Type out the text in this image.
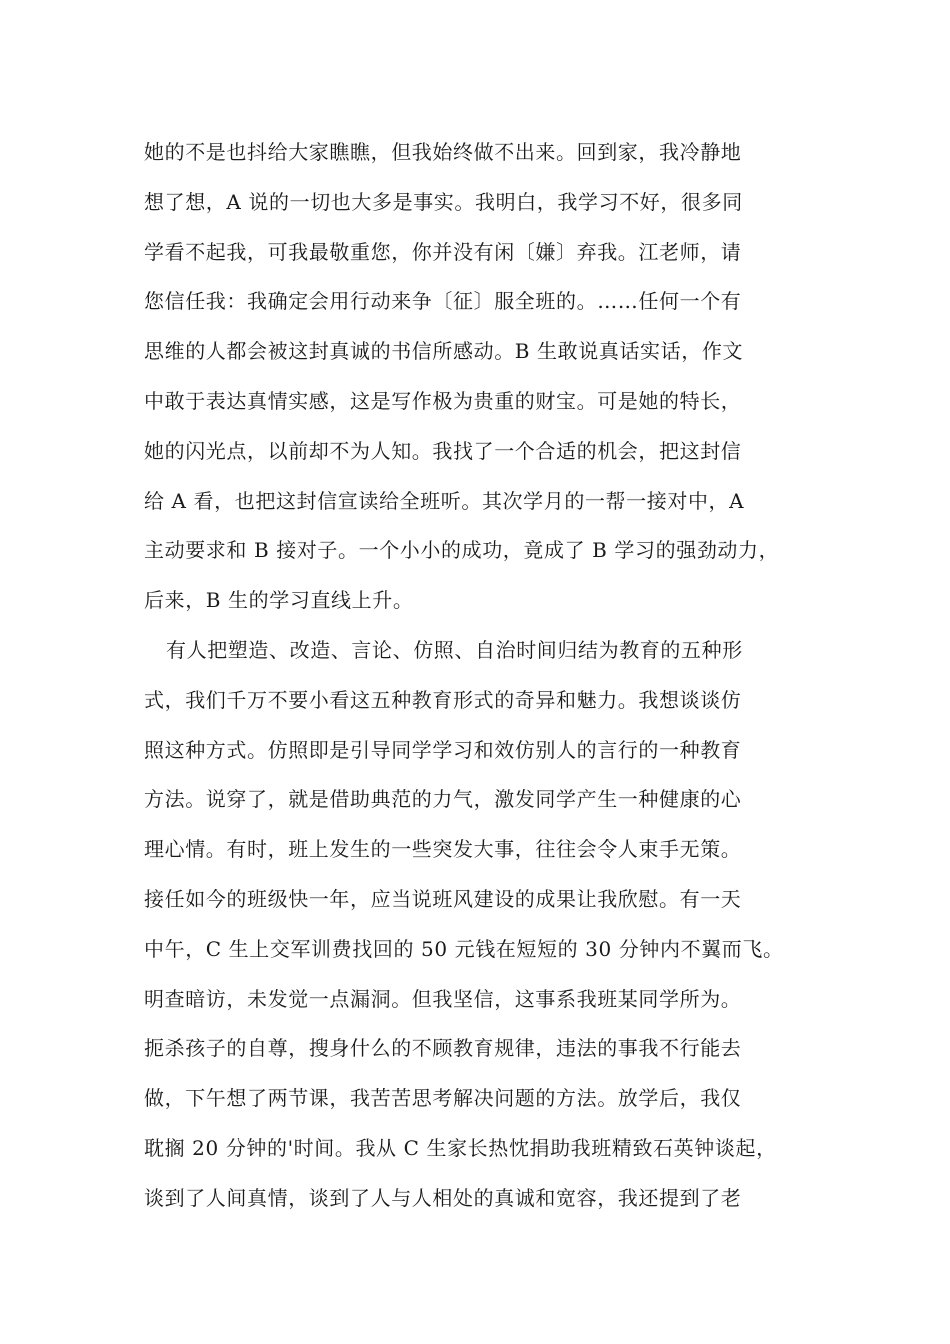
她的不是也抖给大家瞧瞧，但我始终做不出来。回到家，我冷静地
想了想，A 说的一切也大多是事实。我明白，我学习不好，很多同
学看不起我，可我最敬重您，你并没有闲〔嫌〕弃我。江老师，请
您信任我：我确定会用行动来争〔征〕服全班的。……任何一个有
思维的人都会被这封真诚的书信所感动。B 生敢说真话实话，作文
中敢于表达真情实感，这是写作极为贵重的财宝。可是她的特长，
她的闪光点，以前却不为人知。我找了一个合适的机会，把这封信
给 A 看，也把这封信宣读给全班听。其次学月的一帮一接对中，A
主动要求和 B 接对子。一个小小的成功，竟成了 B 学习的强劲动力，
后来，B 生的学习直线上升。
有人把塑造、改造、言论、仿照、自治时间归结为教育的五种形
式，我们千万不要小看这五种教育形式的奇异和魅力。我想谈谈仿
照这种方式。仿照即是引导同学学习和效仿别人的言行的一种教育
方法。说穿了，就是借助典范的力气，激发同学产生一种健康的心
理心情。有时，班上发生的一些突发大事，往往会令人束手无策。
接任如今的班级快一年，应当说班风建设的成果让我欣慰。有一天
中午，C 生上交军训费找回的 50 元钱在短短的 30 分钟内不翼而飞。
明查暗访，未发觉一点漏洞。但我坚信，这事系我班某同学所为。
扼杀孩子的自尊，搜身什么的不顾教育规律，违法的事我不行能去
做，下午想了两节课，我苦苦思考解决问题的方法。放学后，我仅
耽搁 20 分钟的'时间。我从 C 生家长热忱捐助我班精致石英钟谈起，
谈到了人间真情，谈到了人与人相处的真诚和宽容，我还提到了老
